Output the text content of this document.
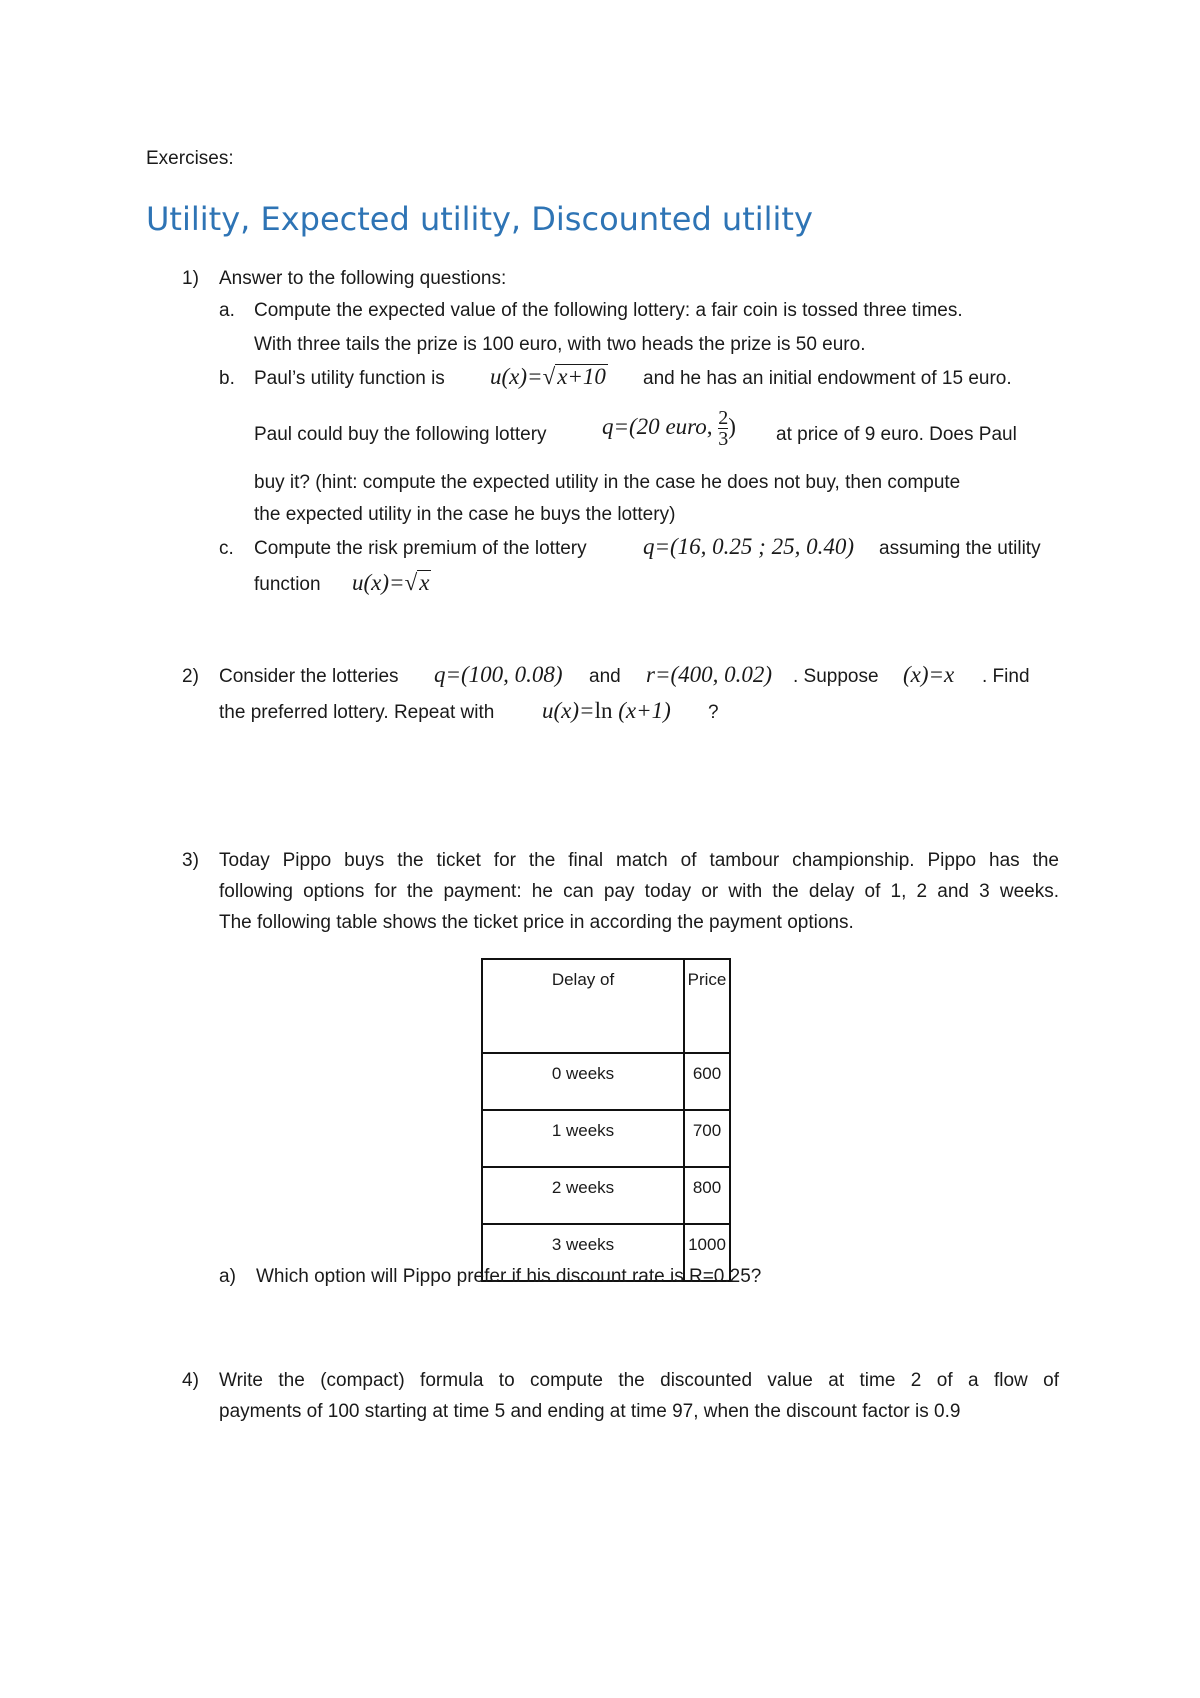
Exercises:
Utility, Expected utility, Discounted utility
1) Answer to the following questions:
a. Compute the expected value of the following lottery: a fair coin is tossed three times.
With three tails the prize is 100 euro, with two heads the prize is 50 euro.
b. Paul’s utility function is u(x)=√x+10 and he has an initial endowment of 15 euro.
Paul could buy the following lottery q=(20 euro, $\frac{2}{3}$ ) at price of 9 euro. Does Paul
buy it? (hint: compute the expected utility in the case he does not buy, then compute
the expected utility in the case he buys the lottery)
c. Compute the risk premium of the lottery q=(16, 0.25 ; 25, 0.40) assuming the utility
function u(x)=√x
2) Consider the lotteries q=(100, 0.08) and r=(400, 0.02) . Suppose (x)=x . Find
the preferred lottery. Repeat with u(x)=ln (x+1) ?
3) Today Pippo buys the ticket for the final match of tambour championship. Pippo has the
following options for the payment: he can pay today or with the delay of 1, 2 and 3 weeks.
The following table shows the ticket price in according the payment options.
Delay of	Price
0 weeks	600
1 weeks	700
2 weeks	800
3 weeks	1000
a) Which option will Pippo prefer if his discount rate is R=0.25?
4) Write the (compact) formula to compute the discounted value at time 2 of a flow of
payments of 100 starting at time 5 and ending at time 97, when the discount factor is 0.9
